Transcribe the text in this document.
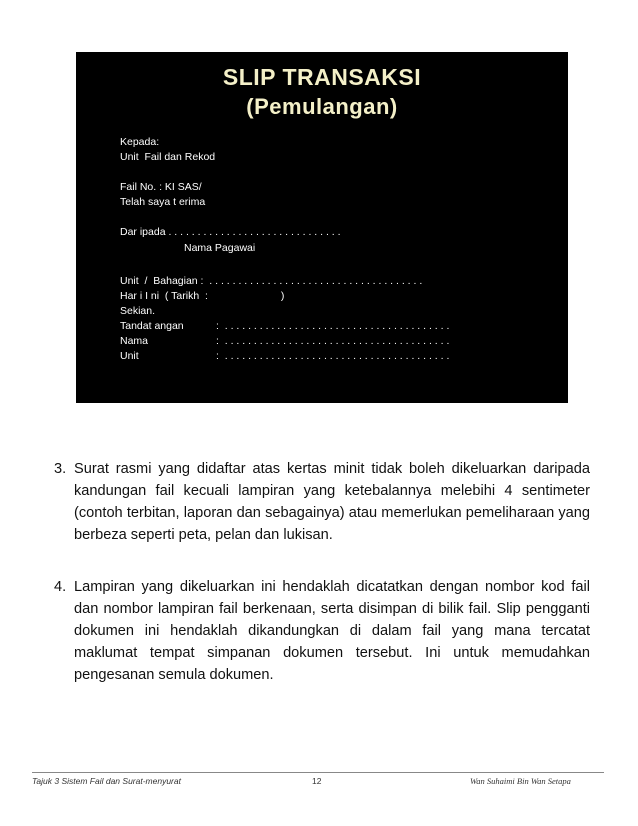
SLIP TRANSAKSI
(Pemulangan)
Kepada:
Unit  Fail dan Rekod
Fail No. : KI SAS/
Telah saya t erima
Dar ipada . . . . . . . . . . . . . . . . . . . . . . . . . . . . . .
Nama Pagawai
Unit  /  Bahagian :  . . . . . . . . . . . . . . . . . . . . . . . . . . . . . . . . . . . . .
Har i I ni  ( Tarikh  :                         )
Sekian.
Tandat angan	:  . . . . . . . . . . . . . . . . . . . . . . . . . . . . . . . . . . . . . . .
Nama	:  . . . . . . . . . . . . . . . . . . . . . . . . . . . . . . . . . . . . . . .
Unit	:  . . . . . . . . . . . . . . . . . . . . . . . . . . . . . . . . . . . . . . .
3. Surat rasmi yang didaftar atas kertas minit tidak boleh dikeluarkan daripada kandungan fail kecuali lampiran yang ketebalannya melebihi 4 sentimeter (contoh terbitan, laporan dan sebagainya) atau memerlukan pemeliharaan yang berbeza seperti peta, pelan dan lukisan.
4. Lampiran yang dikeluarkan ini hendaklah dicatatkan dengan nombor kod fail dan nombor lampiran fail berkenaan, serta disimpan di bilik fail. Slip pengganti dokumen ini hendaklah dikandungkan di dalam fail yang mana tercatat maklumat tempat simpanan dokumen tersebut. Ini untuk memudahkan pengesanan semula dokumen.
Tajuk 3 Sistem Fail dan Surat-menyurat	12	Wan Suhaimi Bin Wan Setapa
